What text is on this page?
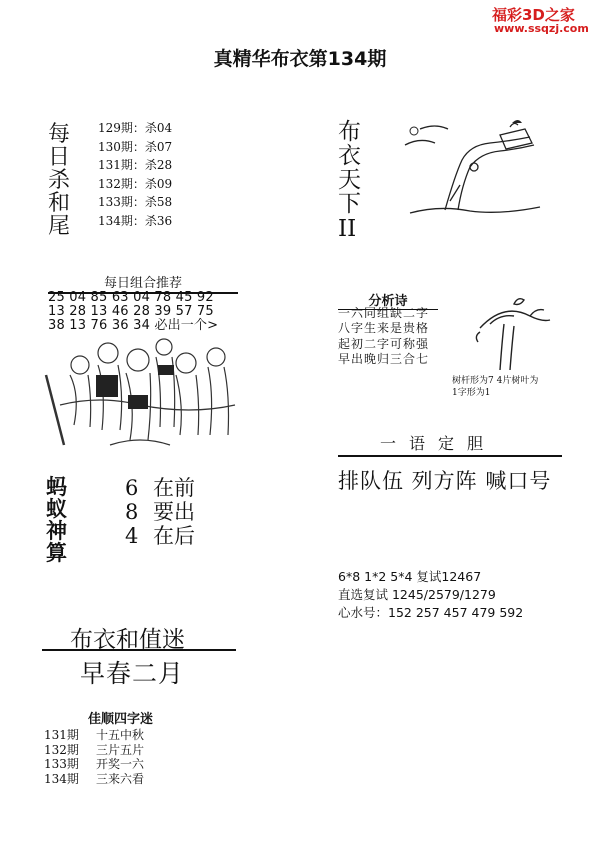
福彩3D之家
www.ssqzj.com
真精华布衣第134期
每
日
杀
和
尾
129期：杀04
130期：杀07
131期：杀28
132期：杀09
133期：杀58
134期：杀36
每日组合推荐
25 04 85 63 04 78 45 92
13 28 13 46 28 39 57 75
38 13 76 36 34 必出一个>
蚂
蚁
神
算
6
8
4
在前
要出
在后
布衣和值迷
早春二月
佳顺四字迷
131期 十五中秋
132期 三片五片
133期 开奖一六
134期 三来六看
布
衣
天
下
II
分析诗
一六同组缺二字
八字生来是贵格
起初二字可称强
早出晚归三合七
树杆形为7 4片树叶为
1字形为1
一语定胆
排队伍 列方阵 喊口号
6*8 1*2 5*4 复试12467
直选复试 1245/2579/1279
心水号：152 257 457 479 592
